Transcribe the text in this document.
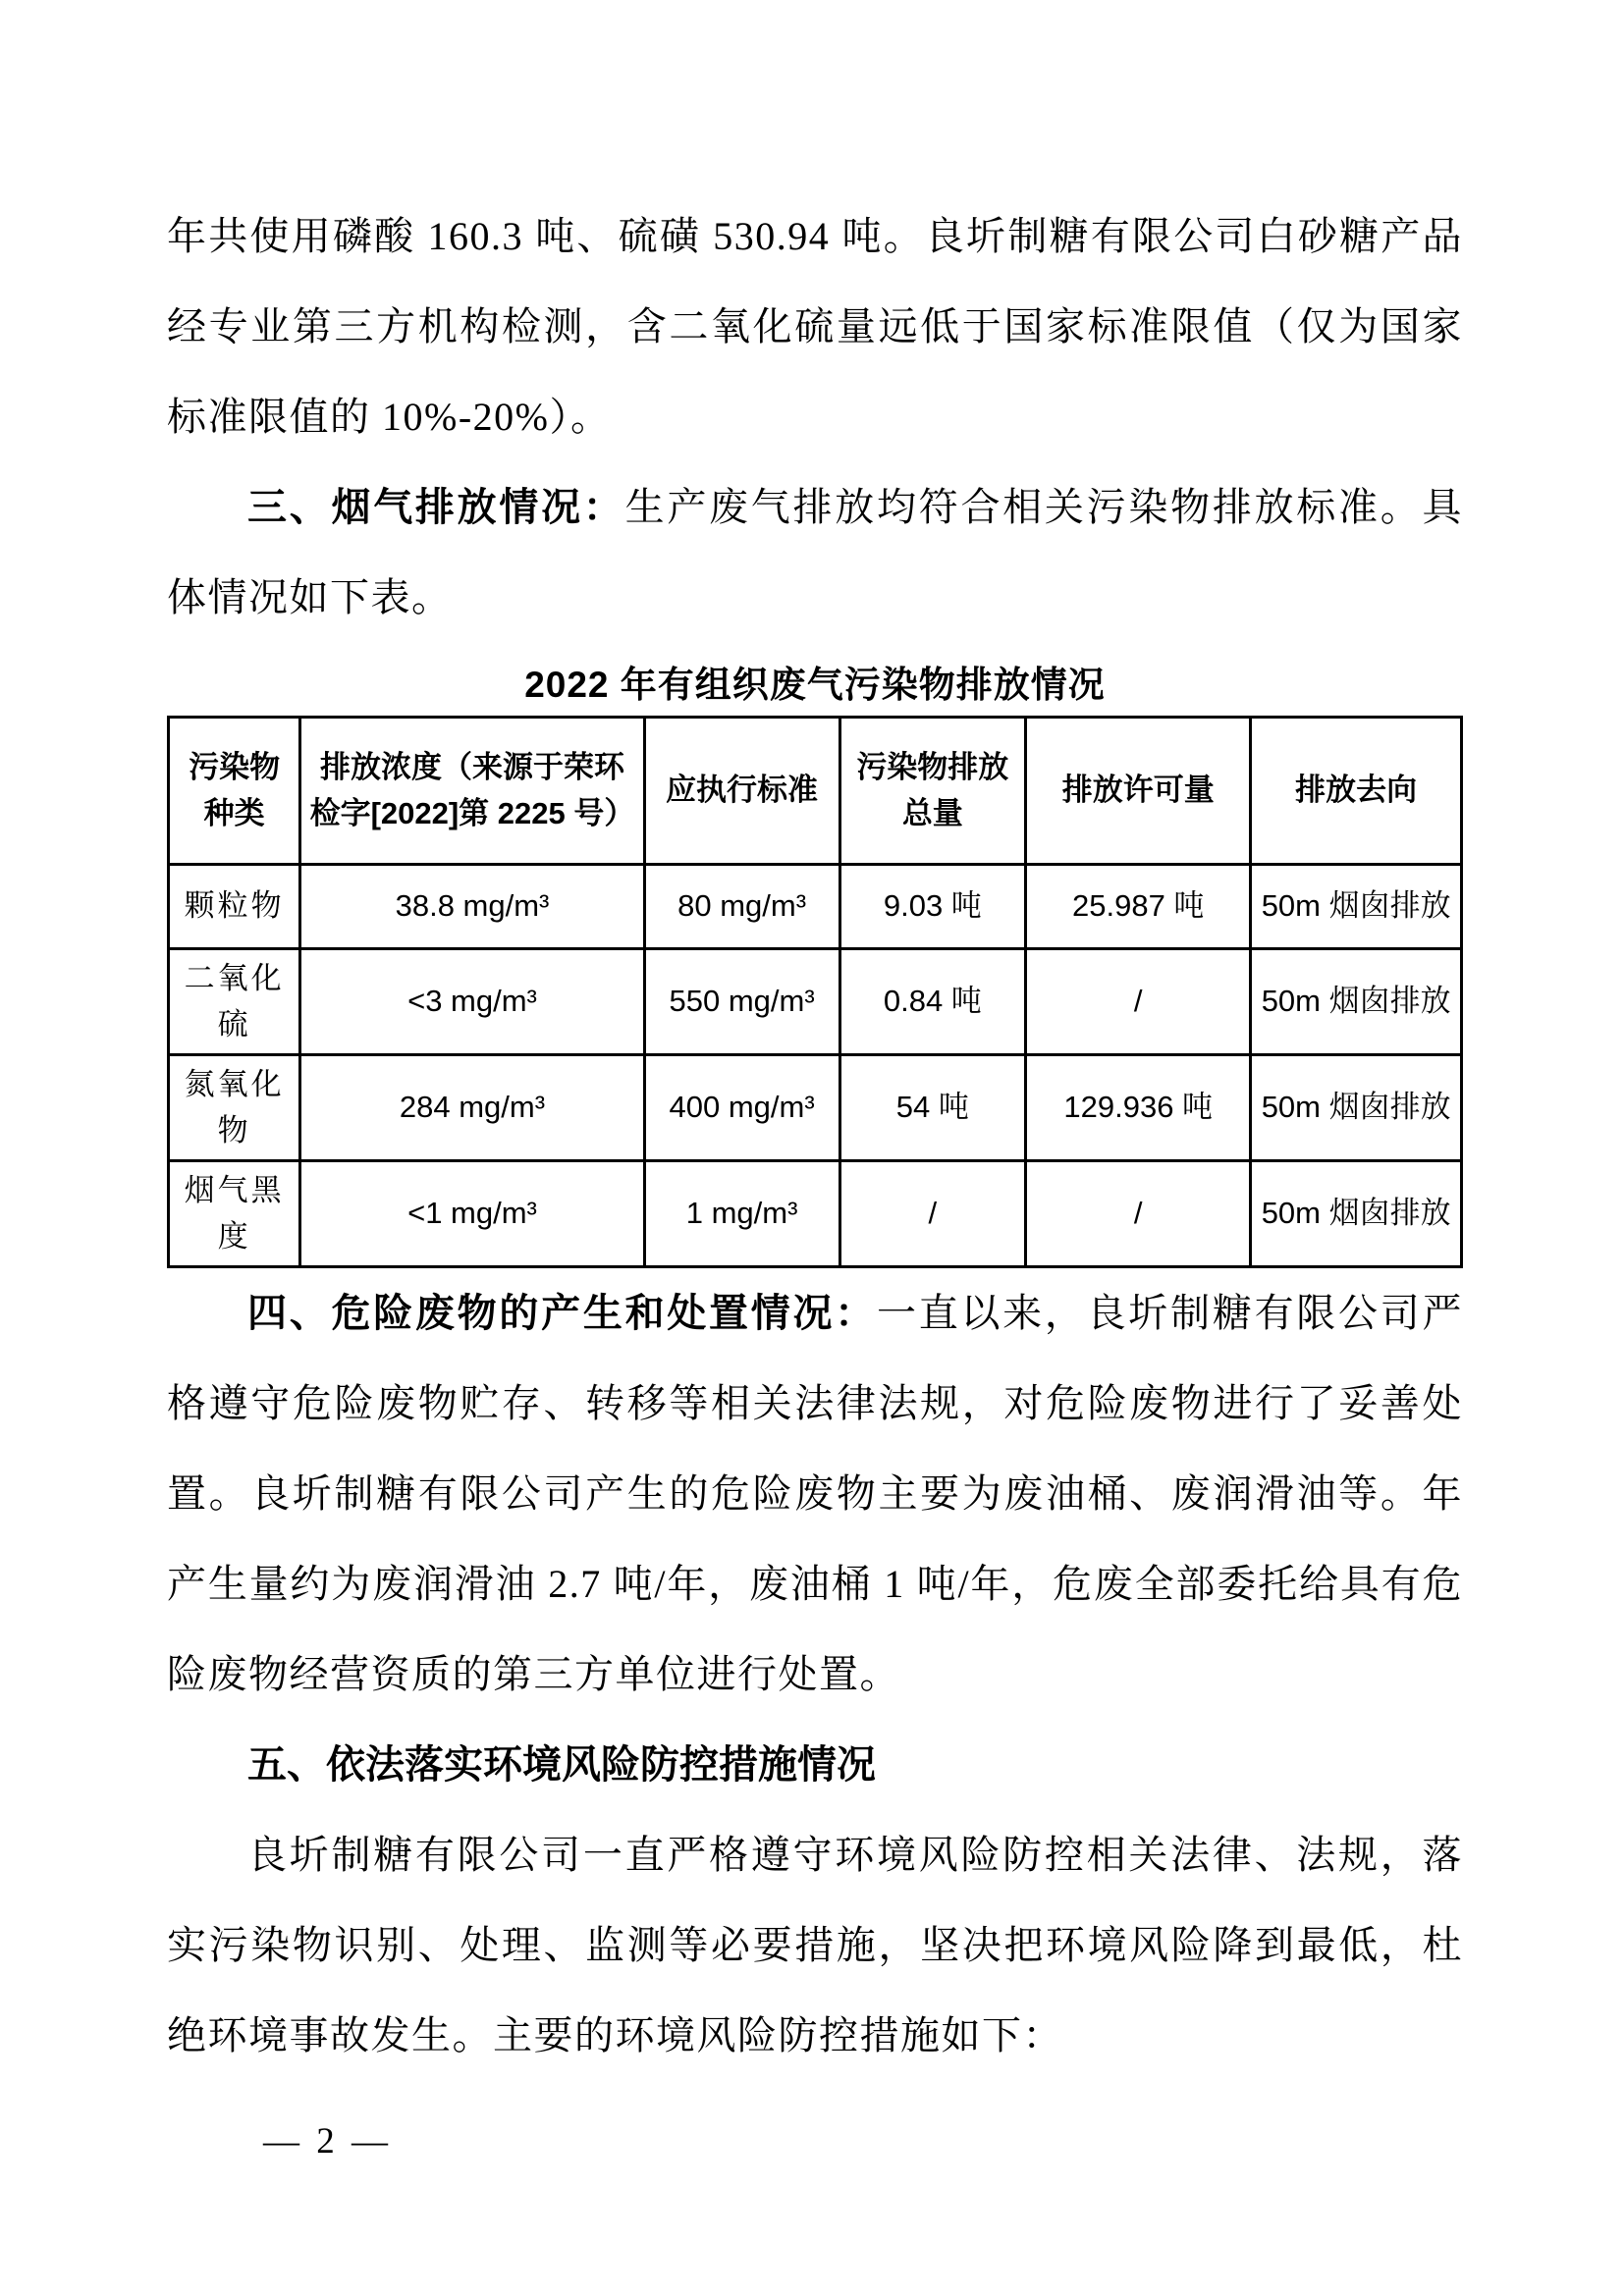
年共使用磷酸 160.3 吨、硫磺 530.94 吨。良圻制糖有限公司白砂糖产品经专业第三方机构检测，含二氧化硫量远低于国家标准限值（仅为国家标准限值的 10%-20%）。

三、烟气排放情况：生产废气排放均符合相关污染物排放标准。具体情况如下表。

2022 年有组织废气污染物排放情况
污染物种类	排放浓度（来源于荣环检字[2022]第 2225 号）	应执行标准	污染物排放总量	排放许可量	排放去向
颗粒物	38.8 mg/m³	80 mg/m³	9.03 吨	25.987 吨	50m 烟囱排放
二氧化硫	<3 mg/m³	550 mg/m³	0.84 吨	/	50m 烟囱排放
氮氧化物	284 mg/m³	400 mg/m³	54 吨	129.936 吨	50m 烟囱排放
烟气黑度	<1 mg/m³	1 mg/m³	/	/	50m 烟囱排放

四、危险废物的产生和处置情况：一直以来，良圻制糖有限公司严格遵守危险废物贮存、转移等相关法律法规，对危险废物进行了妥善处置。良圻制糖有限公司产生的危险废物主要为废油桶、废润滑油等。年产生量约为废润滑油 2.7 吨/年，废油桶 1 吨/年，危废全部委托给具有危险废物经营资质的第三方单位进行处置。

五、依法落实环境风险防控措施情况

良圻制糖有限公司一直严格遵守环境风险防控相关法律、法规，落实污染物识别、处理、监测等必要措施，坚决把环境风险降到最低，杜绝环境事故发生。主要的环境风险防控措施如下：

— 2 —
